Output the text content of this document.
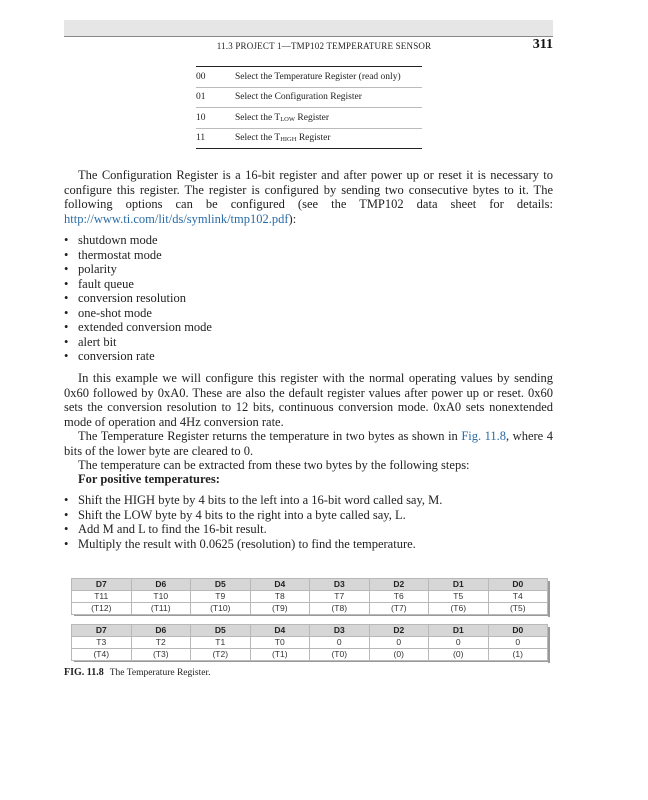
11.3 PROJECT 1—TMP102 TEMPERATURE SENSOR	311
00	Select the Temperature Register (read only)
01	Select the Configuration Register
10	Select the $T_{LOW}$ Register
11	Select the $T_{HIGH}$ Register

The Configuration Register is a 16-bit register and after power up or reset it is necessary to configure this register. The register is configured by sending two consecutive bytes to it. The following options can be configured (see the TMP102 data sheet for details: http://www.ti.com/lit/ds/symlink/tmp102.pdf):

• shutdown mode
• thermostat mode
• polarity
• fault queue
• conversion resolution
• one-shot mode
• extended conversion mode
• alert bit
• conversion rate

In this example we will configure this register with the normal operating values by sending 0x60 followed by 0xA0. These are also the default register values after power up or reset. 0x60 sets the conversion resolution to 12 bits, continuous conversion mode. 0xA0 sets nonextended mode of operation and 4Hz conversion rate.

The Temperature Register returns the temperature in two bytes as shown in Fig. 11.8, where 4 bits of the lower byte are cleared to 0.

The temperature can be extracted from these two bytes by the following steps:

For positive temperatures:

• Shift the HIGH byte by 4 bits to the left into a 16-bit word called say, M.
• Shift the LOW byte by 4 bits to the right into a byte called say, L.
• Add M and L to find the 16-bit result.
• Multiply the result with 0.0625 (resolution) to find the temperature.
D7	D6	D5	D4	D3	D2	D1	D0
T11	T10	T9	T8	T7	T6	T5	T4
(T12)	(T11)	(T10)	(T9)	(T8)	(T7)	(T6)	(T5)
D7	D6	D5	D4	D3	D2	D1	D0
T3	T2	T1	T0	0	0	0	0
(T4)	(T3)	(T2)	(T1)	(T0)	(0)	(0)	(1)
FIG. 11.8 The Temperature Register.
